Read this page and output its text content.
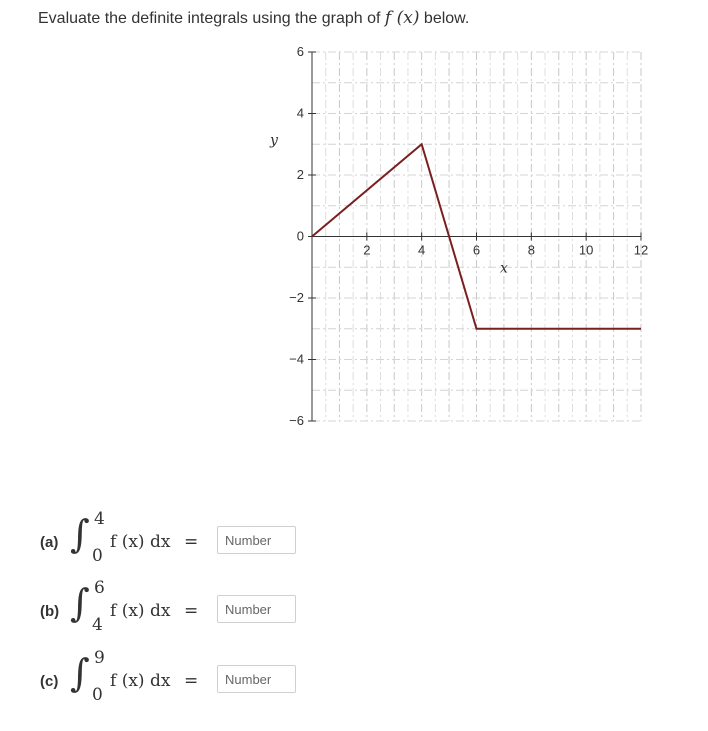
Evaluate the definite integrals using the graph of f (x) below.
2	4	6	8	10	12
6
4
2
0
−2
−4
−6
x
y
(a) ∫ 4
0
f (x) dx =
Number
(b) ∫ 6
4
f (x) dx =
Number
(c) ∫ 9
0
f (x) dx =
Number
